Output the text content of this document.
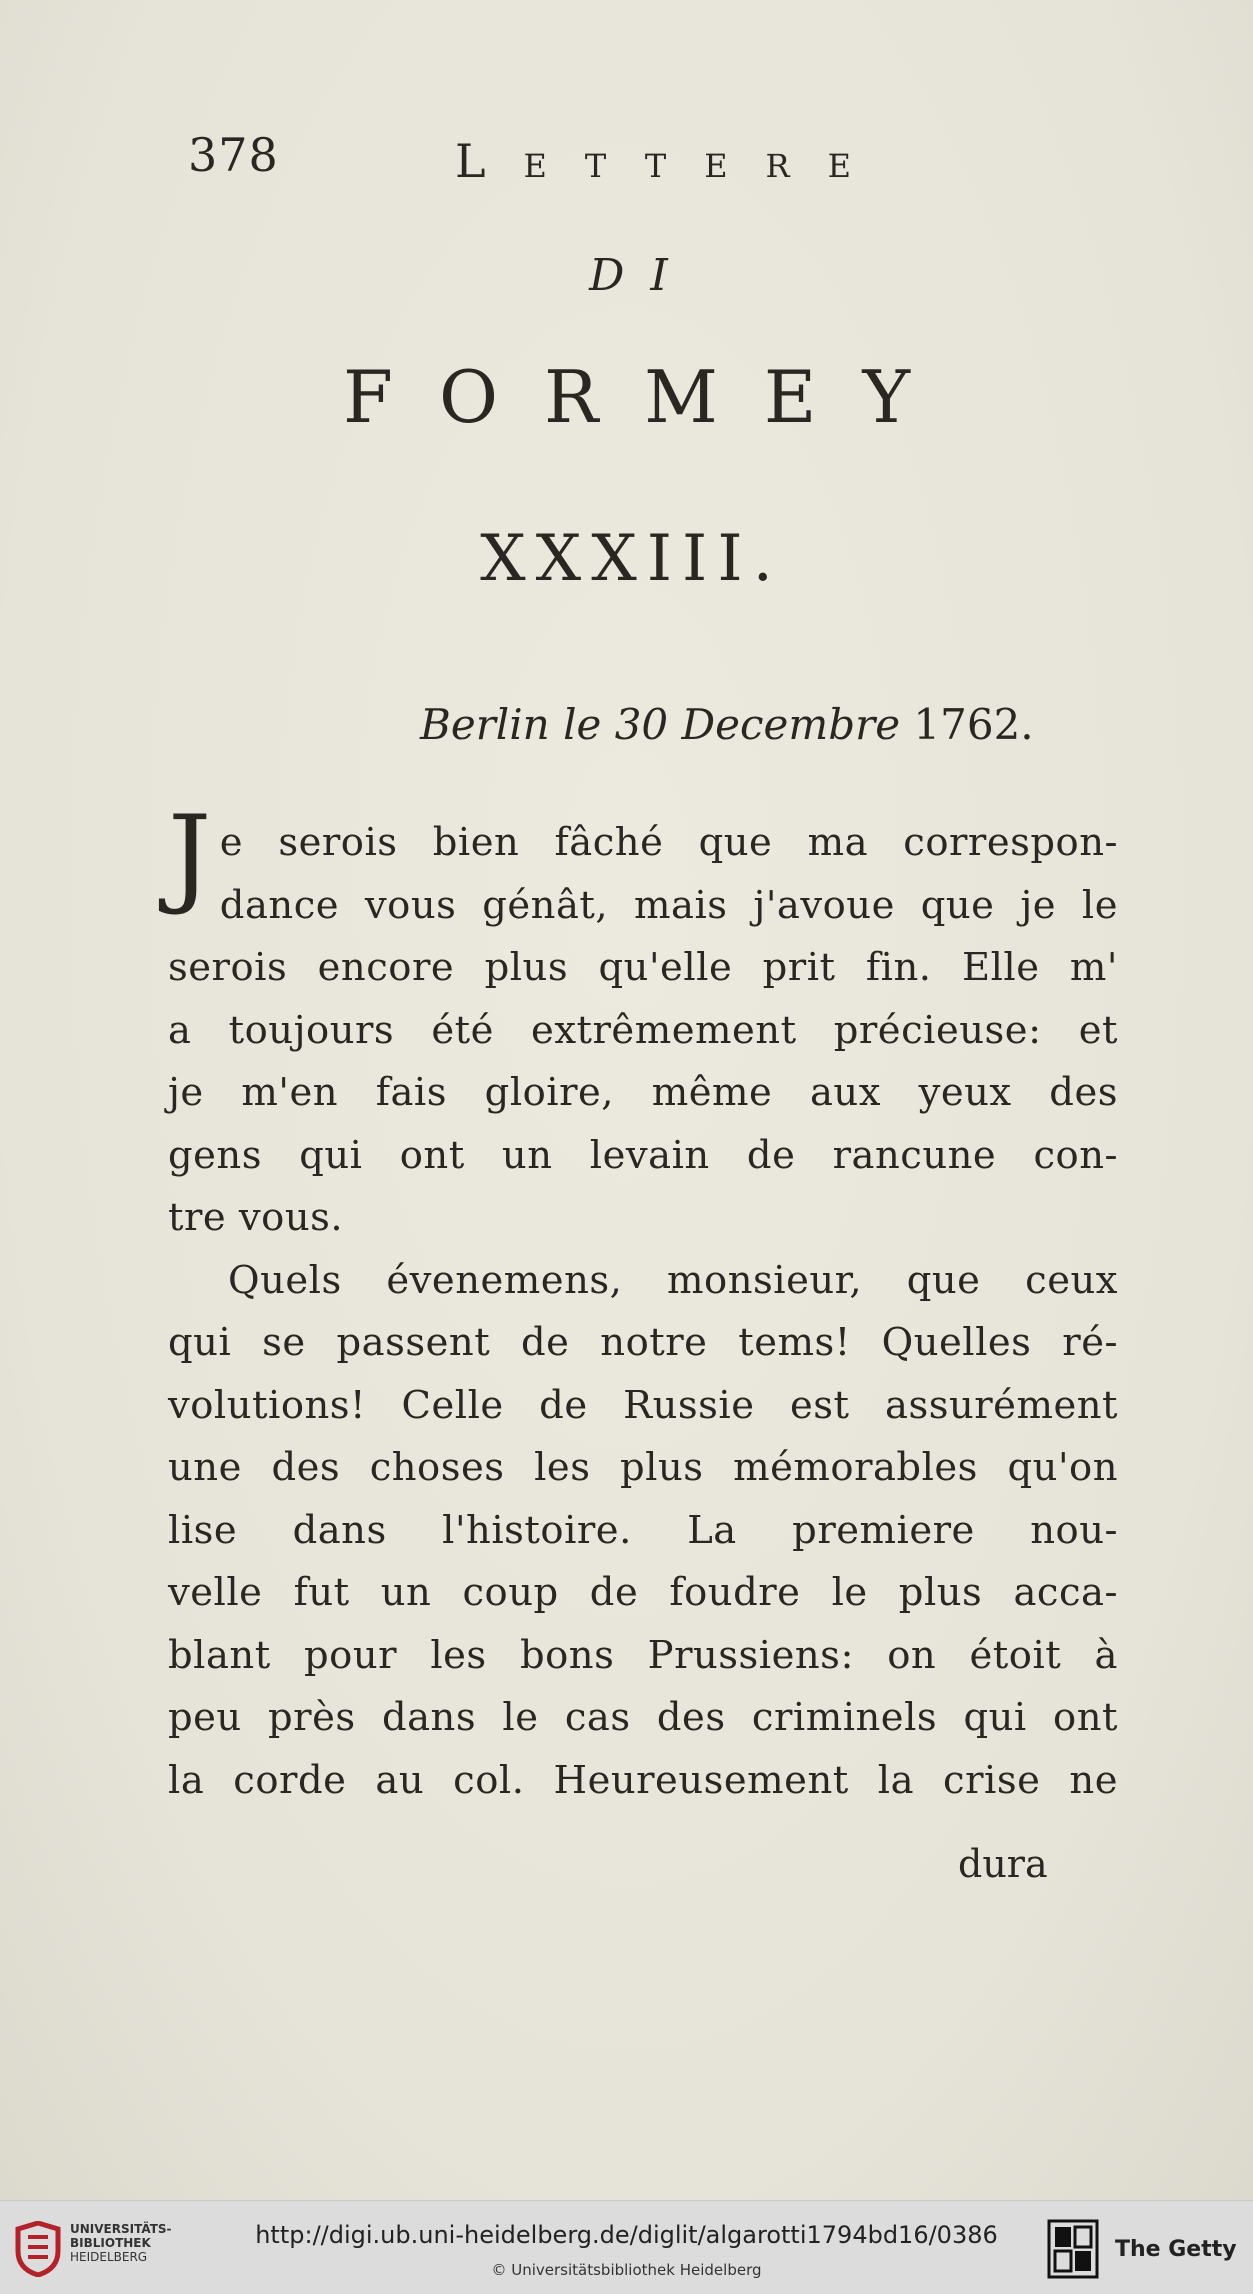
378	Lettere
DI
FORMEY
XXXIII.
Berlin le 30 Decembre 1762.
J e serois bien fâché que ma correspon-

dance vous génât, mais j'avoue que je le

serois encore plus qu'elle prit fin. Elle m'

a toujours été extrêmement précieuse: et

je m'en fais gloire, même aux yeux des

gens qui ont un levain de rancune con-

tre vous.

Quels évenemens, monsieur, que ceux

qui se passent de notre tems! Quelles ré-

volutions! Celle de Russie est assurément

une des choses les plus mémorables qu'on

lise dans l'histoire. La premiere nou-

velle fut un coup de foudre le plus acca-

blant pour les bons Prussiens: on étoit à

peu près dans le cas des criminels qui ont

la corde au col. Heureusement la crise ne

dura
UNIVERSITÄTS-
BIBLIOTHEK
HEIDELBERG
http://digi.ub.uni-heidelberg.de/diglit/algarotti1794bd16/0386
© Universitätsbibliothek Heidelberg
The Getty
